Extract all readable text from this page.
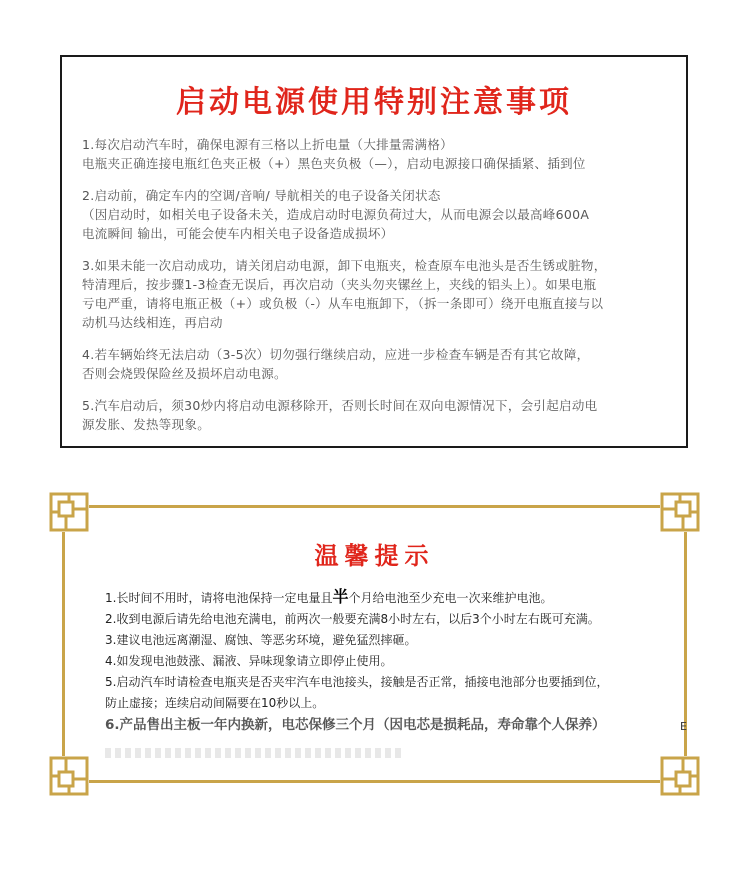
启动电源使用特别注意事项
1.每次启动汽车时，确保电源有三格以上折电量（大排量需满格）
电瓶夹正确连接电瓶红色夹正极（+）黑色夹负极（—），启动电源接口确保插紧、插到位
2.启动前，确定车内的空调/音响/ 导航相关的电子设备关闭状态
（因启动时，如相关电子设备未关，造成启动时电源负荷过大，从而电源会以最高峰600A
电流瞬间 输出，可能会使车内相关电子设备造成损坏）
3.如果未能一次启动成功，请关闭启动电源，卸下电瓶夹，检查原车电池头是否生锈或脏物，
特清理后，按步骤1-3检查无误后，再次启动（夹头勿夹镙丝上，夹线的铝头上）。如果电瓶
亏电严重，请将电瓶正极（+）或负极（-）从车电瓶卸下，（拆一条即可）绕开电瓶直接与以
动机马达线相连，再启动
4.若车辆始终无法启动（3-5次）切勿强行继续启动，应进一步检查车辆是否有其它故障，
否则会烧毁保险丝及损坏启动电源。
5.汽车启动后，须30炒内将启动电源移除开，否则长时间在双向电源情况下，会引起启动电
源发胀、发热等现象。
温馨提示
1.长时间不用时，请将电池保持一定电量且半个月给电池至少充电一次来维护电池。
2.收到电源后请先给电池充满电，前两次一般要充满8小时左右，以后3个小时左右既可充满。
3.建议电池远离潮湿、腐蚀、等恶劣环境，避免猛烈摔砸。
4.如发现电池鼓涨、漏液、异味现象请立即停止使用。
5.启动汽车时请检查电瓶夹是否夹牢汽车电池接头，接触是否正常，插接电池部分也要插到位，
防止虚接；连续启动间隔要在10秒以上。
6.产品售出主板一年内换新，电芯保修三个月（因电芯是损耗品，寿命靠个人保养）	E
